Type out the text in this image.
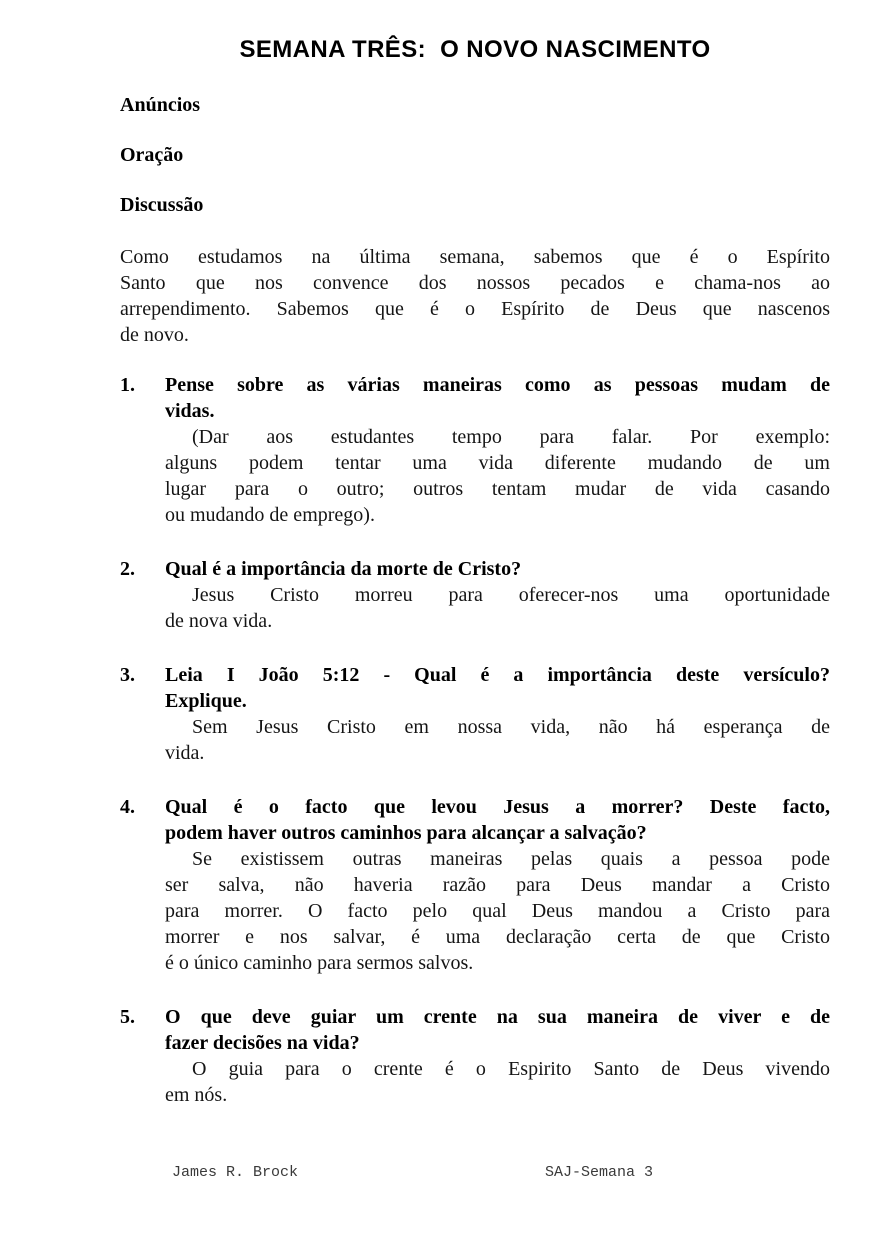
SEMANA TRÊS:  O NOVO NASCIMENTO
Anúncios
Oração
Discussão
Como estudamos na última semana, sabemos que é o Espírito
Santo que nos convence dos nossos pecados e chama-nos ao
arrependimento. Sabemos que é o Espírito de Deus que nascenos
de novo.
1.	Pense sobre as várias maneiras como as pessoas mudam de
vidas.
(Dar aos estudantes tempo para falar. Por exemplo:
alguns podem tentar uma vida diferente mudando de um
lugar para o outro; outros tentam mudar de vida casando
ou mudando de emprego).
2.	Qual é a importância da morte de Cristo?
Jesus Cristo morreu para oferecer-nos uma oportunidade
de nova vida.
3.	Leia I João 5:12 - Qual é a importância deste versículo?
Explique.
Sem Jesus Cristo em nossa vida, não há esperança de
vida.
4.	Qual é o facto que levou Jesus a morrer? Deste facto,
podem haver outros caminhos para alcançar a salvação?
Se existissem outras maneiras pelas quais a pessoa pode
ser salva, não haveria razão para Deus mandar a Cristo
para morrer. O facto pelo qual Deus mandou a Cristo para
morrer e nos salvar, é uma declaração certa de que Cristo
é o único caminho para sermos salvos.
5.	O que deve guiar um crente na sua maneira de viver e de
fazer decisões na vida?
O guia para o crente é o Espirito Santo de Deus vivendo
em nós.
James R. Brock	SAJ-Semana 3
